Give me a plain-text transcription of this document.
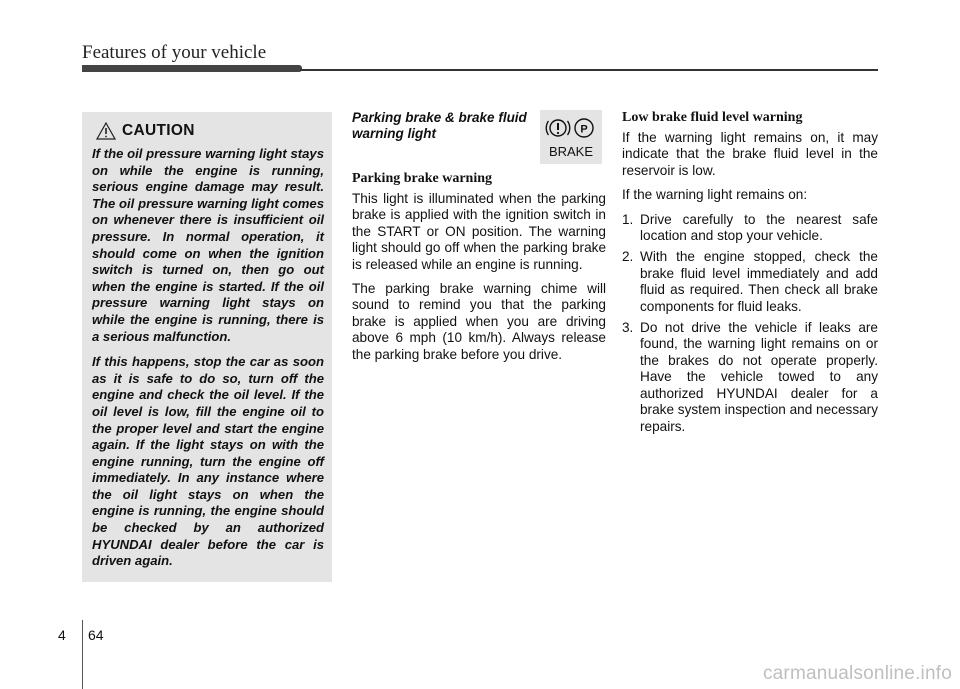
Features of your vehicle
CAUTION

If the oil pressure warning light stays on while the engine is running, serious engine damage may result. The oil pressure warning light comes on whenever there is insufficient oil pressure. In normal operation, it should come on when the ignition switch is turned on, then go out when the engine is started. If the oil pressure warning light stays on while the engine is running, there is a serious malfunction.

If this happens, stop the car as soon as it is safe to do so, turn off the engine and check the oil level. If the oil level is low, fill the engine oil to the proper level and start the engine again. If the light stays on with the engine running, turn the engine off immediately. In any instance where the oil light stays on when the engine is running, the engine should be checked by an authorized HYUNDAI dealer before the car is driven again.

Parking brake & brake fluid warning light	P
BRAKE
Parking brake warning

This light is illuminated when the parking brake is applied with the ignition switch in the START or ON position. The warning light should go off when the parking brake is released while an engine is running.

The parking brake warning chime will sound to remind you that the parking brake is applied when you are driving above 6 mph (10 km/h). Always release the parking brake before you drive.

Low brake fluid level warning

If the warning light remains on, it may indicate that the brake fluid level in the reservoir is low.

If the warning light remains on:

1. Drive carefully to the nearest safe location and stop your vehicle.
2. With the engine stopped, check the brake fluid level immediately and add fluid as required. Then check all brake components for fluid leaks.
3. Do not drive the vehicle if leaks are found, the warning light remains on or the brakes do not operate properly. Have the vehicle towed to any authorized HYUNDAI dealer for a brake system inspection and necessary repairs.
4 64
carmanualsonline.info
